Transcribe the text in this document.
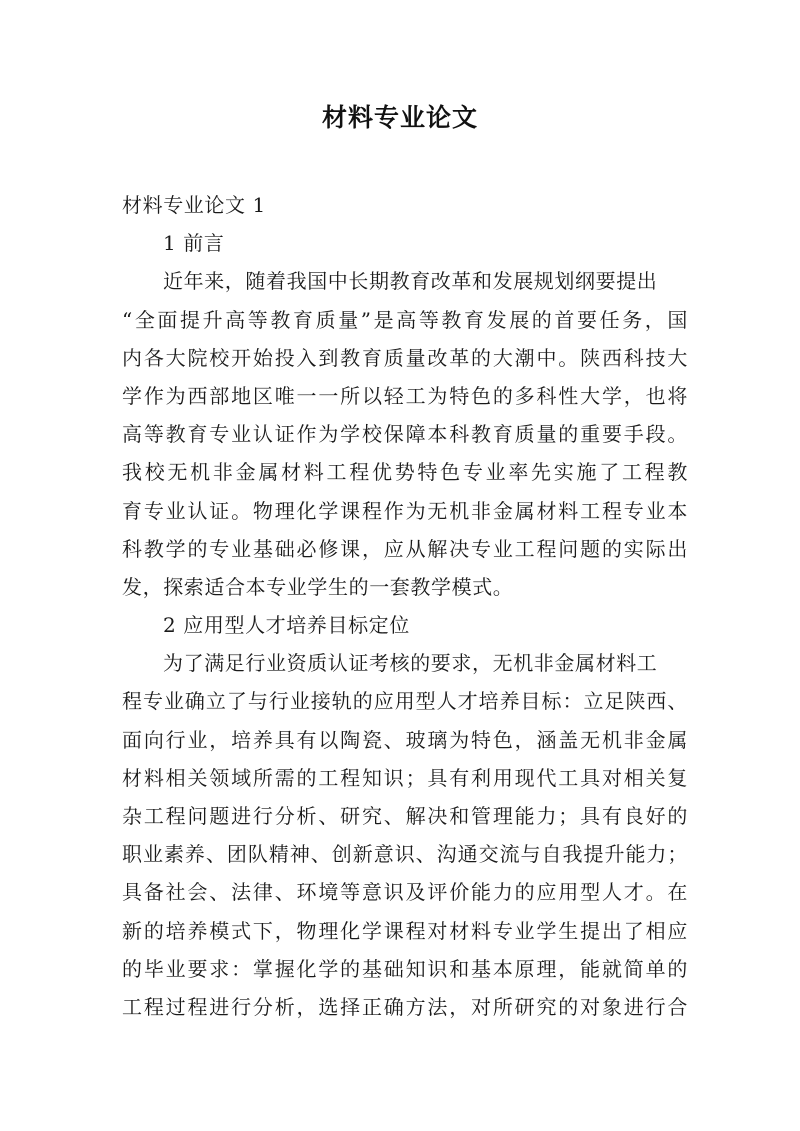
材料专业论文
材料专业论文 1
1 前言
近年来，随着我国中长期教育改革和发展规划纲要提出
“全面提升高等教育质量”是高等教育发展的首要任务，国
内各大院校开始投入到教育质量改革的大潮中。陕西科技大
学作为西部地区唯一一所以轻工为特色的多科性大学，也将
高等教育专业认证作为学校保障本科教育质量的重要手段。
我校无机非金属材料工程优势特色专业率先实施了工程教
育专业认证。物理化学课程作为无机非金属材料工程专业本
科教学的专业基础必修课，应从解决专业工程问题的实际出
发，探索适合本专业学生的一套教学模式。
2 应用型人才培养目标定位
为了满足行业资质认证考核的要求，无机非金属材料工
程专业确立了与行业接轨的应用型人才培养目标：立足陕西、
面向行业，培养具有以陶瓷、玻璃为特色，涵盖无机非金属
材料相关领域所需的工程知识；具有利用现代工具对相关复
杂工程问题进行分析、研究、解决和管理能力；具有良好的
职业素养、团队精神、创新意识、沟通交流与自我提升能力；
具备社会、法律、环境等意识及评价能力的应用型人才。在
新的培养模式下，物理化学课程对材料专业学生提出了相应
的毕业要求：掌握化学的基础知识和基本原理，能就简单的
工程过程进行分析，选择正确方法，对所研究的对象进行合
